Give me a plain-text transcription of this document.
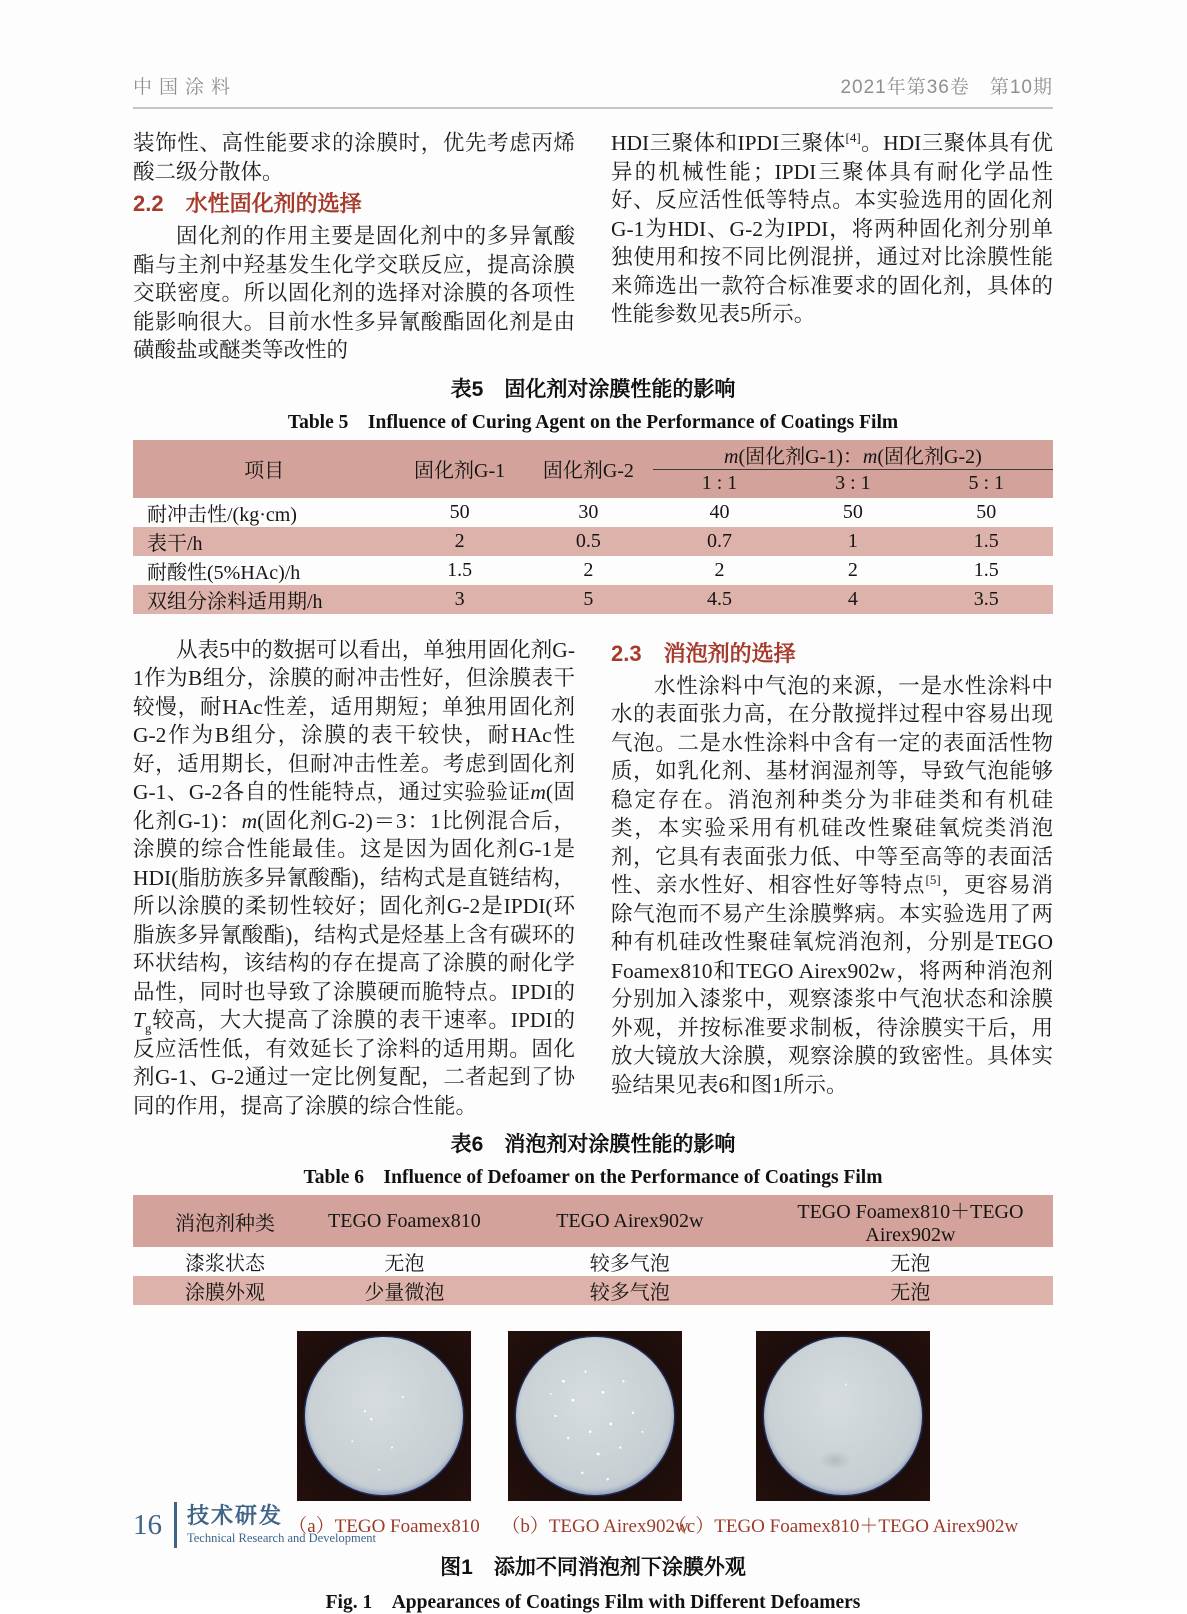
中国涂料	2021年第36卷　第10期

装饰性、高性能要求的涂膜时，优先考虑丙烯酸二级分散体。

2.2　水性固化剂的选择

固化剂的作用主要是固化剂中的多异氰酸酯与主剂中羟基发生化学交联反应，提高涂膜交联密度。所以固化剂的选择对涂膜的各项性能影响很大。目前水性多异氰酸酯固化剂是由磺酸盐或醚类等改性的

HDI三聚体和IPDI三聚体[4]。HDI三聚体具有优异的机械性能；IPDI三聚体具有耐化学品性好、反应活性低等特点。本实验选用的固化剂G-1为HDI、G-2为IPDI，将两种固化剂分别单独使用和按不同比例混拼，通过对比涂膜性能来筛选出一款符合标准要求的固化剂，具体的性能参数见表5所示。

表5　固化剂对涂膜性能的影响
Table 5　Influence of Curing Agent on the Performance of Coatings Film
项目	固化剂G-1	固化剂G-2	m(固化剂G-1)：m(固化剂G-2)		
			1 : 1	3 : 1	5 : 1
耐冲击性/(kg·cm)	50	30	40	50	50
表干/h	2	0.5	0.7	1	1.5
耐酸性(5%HAc)/h	1.5	2	2	2	1.5
双组分涂料适用期/h	3	5	4.5	4	3.5

从表5中的数据可以看出，单独用固化剂G-1作为B组分，涂膜的耐冲击性好，但涂膜表干较慢，耐HAc性差，适用期短；单独用固化剂G-2作为B组分，涂膜的表干较快，耐HAc性好，适用期长，但耐冲击性差。考虑到固化剂G-1、G-2各自的性能特点，通过实验验证m(固化剂G-1)：m(固化剂G-2)＝3：1比例混合后，涂膜的综合性能最佳。这是因为固化剂G-1是HDI(脂肪族多异氰酸酯)，结构式是直链结构，所以涂膜的柔韧性较好；固化剂G-2是IPDI(环脂族多异氰酸酯)，结构式是烃基上含有碳环的环状结构，该结构的存在提高了涂膜的耐化学品性，同时也导致了涂膜硬而脆特点。IPDI的$T_g$较高，大大提高了涂膜的表干速率。IPDI的反应活性低，有效延长了涂料的适用期。固化剂G-1、G-2通过一定比例复配，二者起到了协同的作用，提高了涂膜的综合性能。

2.3　消泡剂的选择

水性涂料中气泡的来源，一是水性涂料中水的表面张力高，在分散搅拌过程中容易出现气泡。二是水性涂料中含有一定的表面活性物质，如乳化剂、基材润湿剂等，导致气泡能够稳定存在。消泡剂种类分为非硅类和有机硅类，本实验采用有机硅改性聚硅氧烷类消泡剂，它具有表面张力低、中等至高等的表面活性、亲水性好、相容性好等特点[5]，更容易消除气泡而不易产生涂膜弊病。本实验选用了两种有机硅改性聚硅氧烷消泡剂，分别是TEGO Foamex810和TEGO Airex902w，将两种消泡剂分别加入漆浆中，观察漆浆中气泡状态和涂膜外观，并按标准要求制板，待涂膜实干后，用放大镜放大涂膜，观察涂膜的致密性。具体实验结果见表6和图1所示。

表6　消泡剂对涂膜性能的影响
Table 6　Influence of Defoamer on the Performance of Coatings Film
消泡剂种类	TEGO Foamex810	TEGO Airex902w	TEGO Foamex810＋TEGO Airex902w
漆浆状态	无泡	较多气泡	无泡
涂膜外观	少量微泡	较多气泡	无泡
（a）TEGO Foamex810 （b）TEGO Airex902w
（c）TEGO Foamex810＋TEGO Airex902w
图1　添加不同消泡剂下涂膜外观
Fig. 1　Appearances of Coatings Film with Different Defoamers
16 技术研发
Technical Research and Development
